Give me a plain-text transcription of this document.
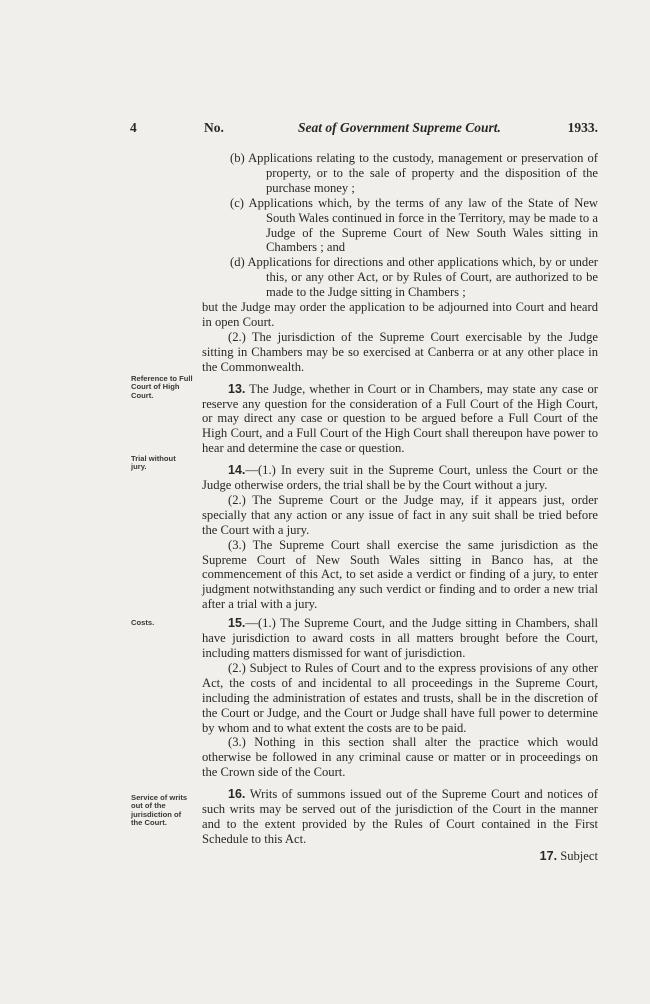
4	No.	Seat of Government Supreme Court.	1933.
Reference to Full Court of High Court.
Trial without jury.
Costs.
Service of writs out of the jurisdiction of the Court.

(b) Applications relating to the custody, management or preservation of property, or to the sale of property and the disposition of the purchase money ;

(c) Applications which, by the terms of any law of the State of New South Wales continued in force in the Territory, may be made to a Judge of the Supreme Court of New South Wales sitting in Chambers ; and

(d) Applications for directions and other applications which, by or under this, or any other Act, or by Rules of Court, are authorized to be made to the Judge sitting in Chambers ;

but the Judge may order the application to be adjourned into Court and heard in open Court.

(2.) The jurisdiction of the Supreme Court exercisable by the Judge sitting in Chambers may be so exercised at Canberra or at any other place in the Commonwealth.

13. The Judge, whether in Court or in Chambers, may state any case or reserve any question for the consideration of a Full Court of the High Court, or may direct any case or question to be argued before a Full Court of the High Court, and a Full Court of the High Court shall thereupon have power to hear and determine the case or question.

14.—(1.) In every suit in the Supreme Court, unless the Court or the Judge otherwise orders, the trial shall be by the Court without a jury.

(2.) The Supreme Court or the Judge may, if it appears just, order specially that any action or any issue of fact in any suit shall be tried before the Court with a jury.

(3.) The Supreme Court shall exercise the same jurisdiction as the Supreme Court of New South Wales sitting in Banco has, at the commencement of this Act, to set aside a verdict or finding of a jury, to enter judgment notwithstanding any such verdict or finding and to order a new trial after a trial with a jury.

15.—(1.) The Supreme Court, and the Judge sitting in Chambers, shall have jurisdiction to award costs in all matters brought before the Court, including matters dismissed for want of jurisdiction.

(2.) Subject to Rules of Court and to the express provisions of any other Act, the costs of and incidental to all proceedings in the Supreme Court, including the administration of estates and trusts, shall be in the discretion of the Court or Judge, and the Court or Judge shall have full power to determine by whom and to what extent the costs are to be paid.

(3.) Nothing in this section shall alter the practice which would otherwise be followed in any criminal cause or matter or in proceedings on the Crown side of the Court.

16. Writs of summons issued out of the Supreme Court and notices of such writs may be served out of the jurisdiction of the Court in the manner and to the extent provided by the Rules of Court contained in the First Schedule to this Act.

17. Subject
